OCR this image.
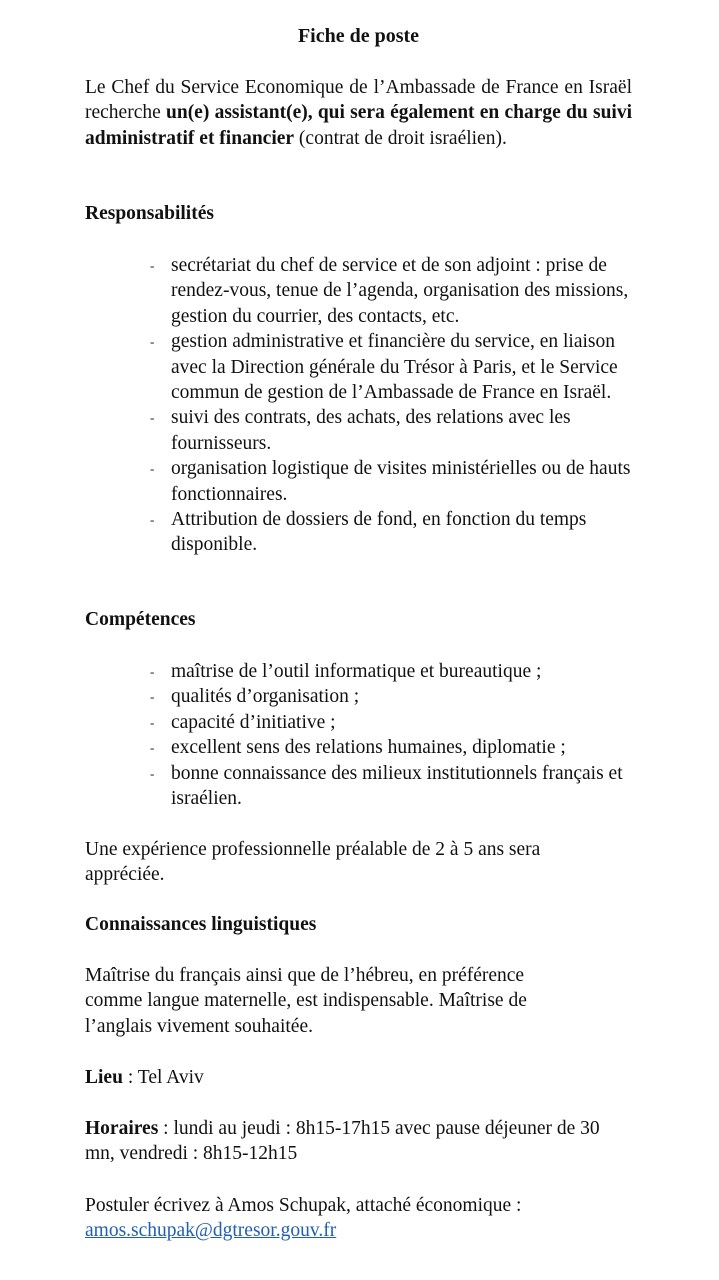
Fiche de poste
Le Chef du Service Economique de l’Ambassade de France en Israël recherche un(e) assistant(e), qui sera également en charge du suivi administratif et financier (contrat de droit israélien).
Responsabilités
- secrétariat du chef de service et de son adjoint : prise de rendez-vous, tenue de l’agenda, organisation des missions, gestion du courrier, des contacts, etc.
- gestion administrative et financière du service, en liaison avec la Direction générale du Trésor à Paris, et le Service commun de gestion de l’Ambassade de France en Israël.
- suivi des contrats, des achats, des relations avec les fournisseurs.
- organisation logistique de visites ministérielles ou de hauts fonctionnaires.
- Attribution de dossiers de fond, en fonction du temps disponible.
Compétences
- maîtrise de l’outil informatique et bureautique ;
- qualités d’organisation ;
- capacité d’initiative ;
- excellent sens des relations humaines, diplomatie ;
- bonne connaissance des milieux institutionnels français et israélien.
Une expérience professionnelle préalable de 2 à 5 ans sera appréciée.
Connaissances linguistiques
Maîtrise du français ainsi que de l’hébreu, en préférence comme langue maternelle, est indispensable. Maîtrise de l’anglais vivement souhaitée.
Lieu : Tel Aviv
Horaires : lundi au jeudi : 8h15-17h15 avec pause déjeuner de 30 mn, vendredi : 8h15-12h15
Postuler écrivez à Amos Schupak, attaché économique :
amos.schupak@dgtresor.gouv.fr
